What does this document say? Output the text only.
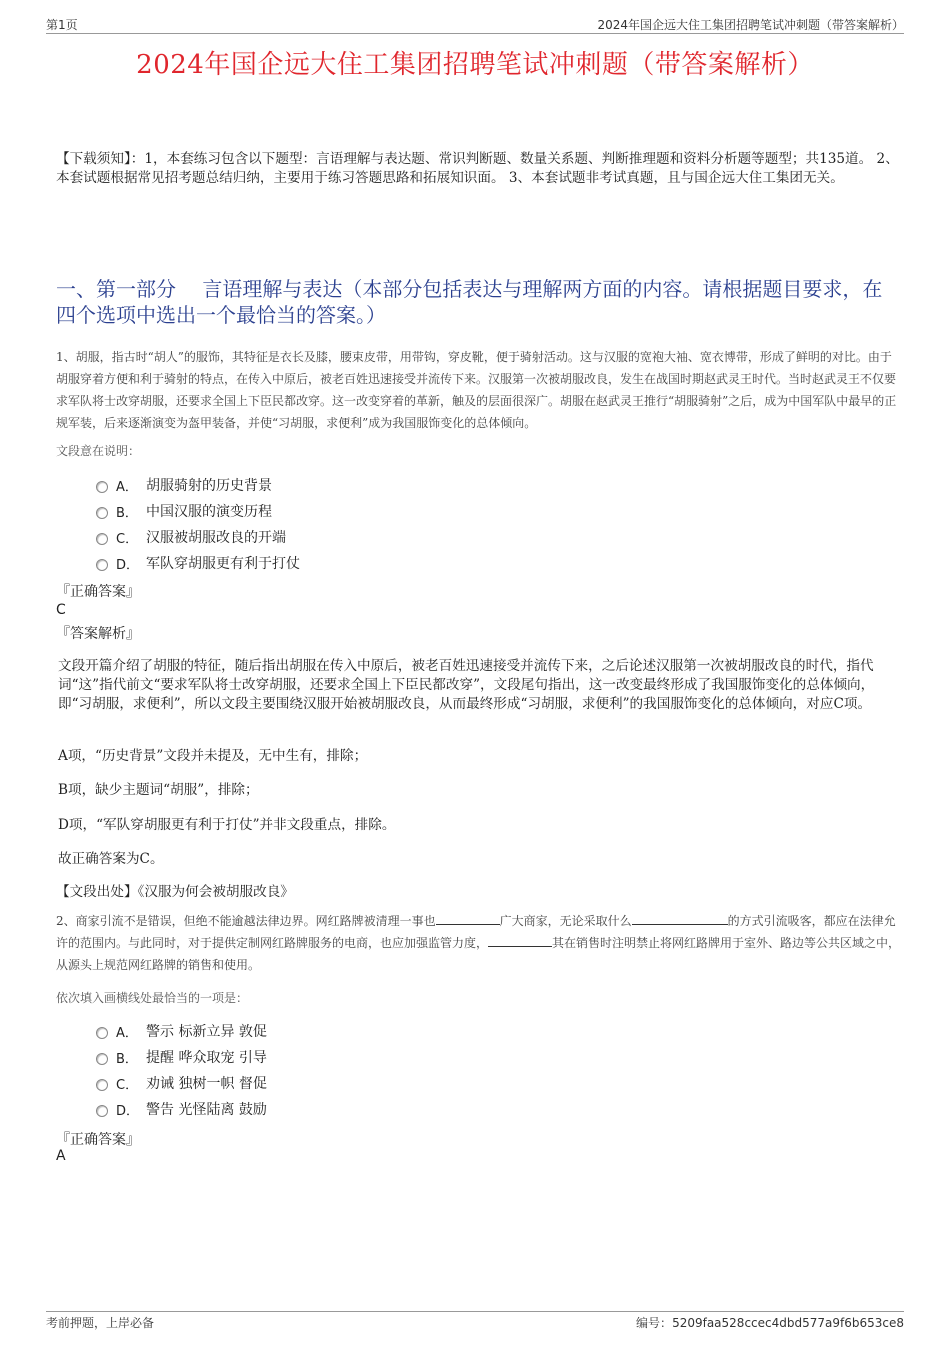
第1页	2024年国企远大住工集团招聘笔试冲刺题（带答案解析）
2024年国企远大住工集团招聘笔试冲刺题（带答案解析）
【下载须知】：1，本套练习包含以下题型：言语理解与表达题、常识判断题、数量关系题、判断推理题和资料分析题等题型；共135道。 2、本套试题根据常见招考题总结归纳，主要用于练习答题思路和拓展知识面。 3、本套试题非考试真题，且与国企远大住工集团无关。
一、第一部分　 言语理解与表达（本部分包括表达与理解两方面的内容。请根据题目要求，在四个选项中选出一个最恰当的答案。）
1、胡服，指古时“胡人”的服饰，其特征是衣长及膝，腰束皮带，用带钩，穿皮靴，便于骑射活动。这与汉服的宽袍大袖、宽衣博带，形成了鲜明的对比。由于胡服穿着方便和利于骑射的特点，在传入中原后，被老百姓迅速接受并流传下来。汉服第一次被胡服改良，发生在战国时期赵武灵王时代。当时赵武灵王不仅要求军队将士改穿胡服，还要求全国上下臣民都改穿。这一改变穿着的革新，触及的层面很深广。胡服在赵武灵王推行“胡服骑射”之后，成为中国军队中最早的正规军装，后来逐渐演变为盔甲装备，并使“习胡服，求便利”成为我国服饰变化的总体倾向。
文段意在说明：
A． 胡服骑射的历史背景
B． 中国汉服的演变历程
C． 汉服被胡服改良的开端
D． 军队穿胡服更有利于打仗
『正确答案』
C
『答案解析』
文段开篇介绍了胡服的特征，随后指出胡服在传入中原后，被老百姓迅速接受并流传下来，之后论述汉服第一次被胡服改良的时代，指代词“这”指代前文“要求军队将士改穿胡服，还要求全国上下臣民都改穿”，文段尾句指出，这一改变最终形成了我国服饰变化的总体倾向，即“习胡服，求便利”，所以文段主要围绕汉服开始被胡服改良，从而最终形成“习胡服，求便利”的我国服饰变化的总体倾向，对应C项。
A项，“历史背景”文段并未提及，无中生有，排除；
B项，缺少主题词“胡服”，排除；
D项，“军队穿胡服更有利于打仗”并非文段重点，排除。
故正确答案为C。
【文段出处】《汉服为何会被胡服改良》
2、商家引流不是错误，但绝不能逾越法律边界。网红路牌被清理一事也	广大商家，无论采取什么	的方式引流吸客，都应在法律允许的范围内。与此同时，对于提供定制网红路牌服务的电商，也应加强监管力度，	其在销售时注明禁止将网红路牌用于室外、路边等公共区域之中，从源头上规范网红路牌的销售和使用。
依次填入画横线处最恰当的一项是：
A． 警示 标新立异 敦促
B． 提醒 哗众取宠 引导
C． 劝诫 独树一帜 督促
D． 警告 光怪陆离 鼓励
『正确答案』
A
考前押题，上岸必备	编号：5209faa528ccec4dbd577a9f6b653ce8
